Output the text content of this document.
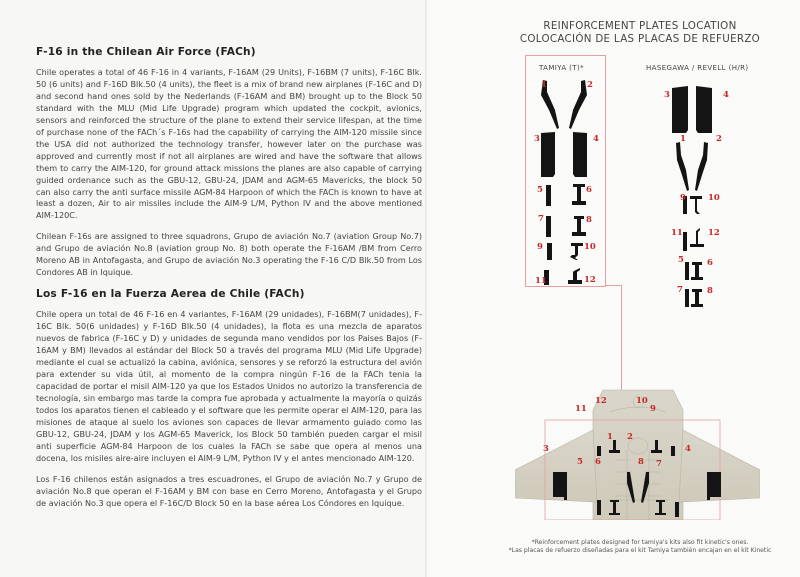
F-16 in the Chilean Air Force (FACh)

Chile operates a total of 46 F-16 in 4 variants, F-16AM (29 Units), F-16BM (7 units), F-16C Blk. 50 (6 units) and F-16D Blk.50 (4 units), the fleet is a mix of brand new airplanes (F-16C and D) and second hand ones sold by the Nederlands (F-16AM and BM) brought up to the Block 50 standard with the MLU (Mid Life Upgrade) program which updated the cockpit, avionics, sensors and reinforced the structure of the plane to extend their service lifespan, at the time of purchase none of the FACh´s F-16s had the capability of carrying the AIM-120 missile since the USA did not authorized the technology transfer, however later on the purchase was approved and currently most if not all airplanes are wired and have the software that allows them to carry the AIM-120, for ground attack missions the planes are also capable of carrying guided ordenance such as the GBU-12, GBU-24, JDAM and AGM-65 Mavericks, the block 50 can also carry the anti surface missile AGM-84 Harpoon of which the FACh is known to have at least a dozen, Air to air missiles include the AIM-9 L/M, Python IV and the above mentioned AIM-120C.

Chilean F-16s are assigned to three squadrons, Grupo de aviación No.7 (aviation Group No.7) and Grupo de aviación No.8 (aviation group No. 8) both operate the F-16AM /BM from Cerro Moreno AB in Antofagasta, and Grupo de aviación No.3 operating the F-16 C/D Blk.50 from Los Condores AB in Iquique.

Los F-16 en la Fuerza Aerea de Chile (FACh)

Chile opera un total de 46 F-16 en 4 variantes, F-16AM (29 unidades), F-16BM(7 unidades), F-16C Blk. 50(6 unidades) y F-16D Blk.50 (4 unidades), la flota es una mezcla de aparatos nuevos de fabrica (F-16C y D) y unidades de segunda mano vendidos por los Paises Bajos (F-16AM y BM) llevados al estándar del Block 50 a través del programa MLU (Mid Life Upgrade) mediante el cual se actualizó la cabina, aviónica, sensores y se reforzó la estructura del avión para extender su vida útil, al momento de la compra ningún F-16 de la FACh tenia la capacidad de portar el misil AIM-120 ya que los Estados Unidos no autorizo la transferencia de tecnología, sin embargo mas tarde la compra fue aprobada y actualmente la mayoría o quizás todos los aparatos tienen el cableado y el software que les permite operar el AIM-120, para las misiones de ataque al suelo los aviones son capaces de llevar armamento guiado como las GBU-12, GBU-24, JDAM y los AGM-65 Maverick, los Block 50 también pueden cargar el misil anti superficie AGM-84 Harpoon de los cuales la FACh se sabe que opera al menos una docena, los misiles aire-aire incluyen el AIM-9 L/M, Python IV y el antes mencionado AIM-120.

Los F-16 chilenos están asignados a tres escuadrones, el Grupo de aviación No.7 y Grupo de aviación No.8 que operan el F-16AM y BM con base en Cerro Moreno, Antofagasta y el Grupo de aviación No.3 que opera el F-16C/D Block 50 en la base aérea Los Cóndores en Iquique.

REINFORCEMENT PLATES LOCATION
COLOCACIÓN DE LAS PLACAS DE REFUERZO
TAMIYA (T)*
1	2
3	4
5	6
7	8
9	10
11	12
HASEGAWA / REVELL (H/R)
3	4
1	2
9	10
11	12
5	6
7	8
12	10
11	9
1 2
3	4
5 6	8 7
*Reinforcement plates designed for tamiya's kits also fit kinetic's ones.
*Las placas de refuerzo diseñadas para el kit Tamiya también encajan en el kit Kinetic
